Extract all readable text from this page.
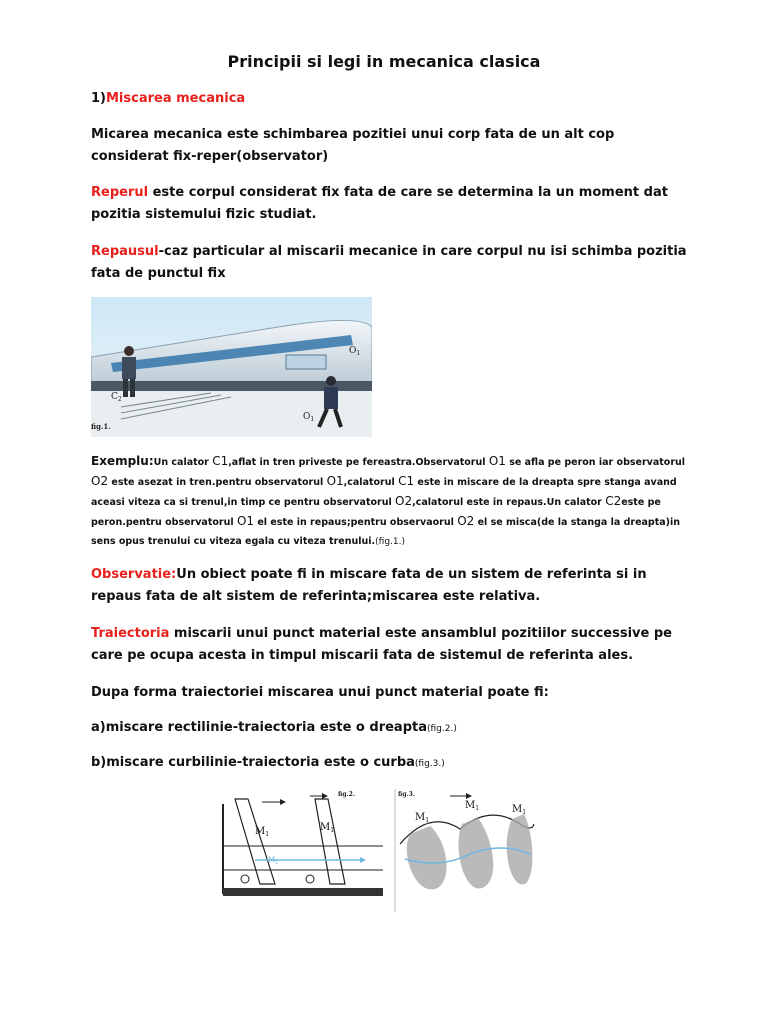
Principii si legi in mecanica clasica

1)Miscarea mecanica

Micarea mecanica este schimbarea pozitiei unui corp fata de un alt cop considerat fix-reper(observator)

Reperul este corpul considerat fix fata de care se determina la un moment dat pozitia sistemului fizic studiat.

Repausul-caz particular al miscarii mecanice in care corpul nu isi schimba pozitia fata de punctul fix

$O_1$
$O_1$
$C_2$
fig.1.

Exemplu:Un calator C1,aflat in tren priveste pe fereastra.Observatorul O1 se afla pe peron iar observatorul O2 este asezat in tren.pentru observatorul O1,calatorul C1 este in miscare de la dreapta spre stanga avand aceasi viteza ca si trenul,in timp ce pentru observatorul O2,calatorul este in repaus.Un calator C2este pe peron.pentru observatorul O1 el este in repaus;pentru observaorul O2 el se misca(de la stanga la dreapta)in sens opus trenului cu viteza egala cu viteza trenului.(fig.1.)

Observatie:Un obiect poate fi in miscare fata de un sistem de referinta si in repaus fata de alt sistem de referinta;miscarea este relativa.

Traiectoria miscarii unui punct material este ansamblul pozitiilor successive pe care pe ocupa acesta in timpul miscarii fata de sistemul de referinta ales.

Dupa forma traiectoriei miscarea unui punct material poate fi:

a)miscare rectilinie-traiectoria este o dreapta(fig.2.)

b)miscare curbilinie-traiectoria este o curba(fig.3.)

$M_1$
$M_1$
$M_2$
fig.2.
$M_1$
$M_1$	$M_1$
fig.3.
